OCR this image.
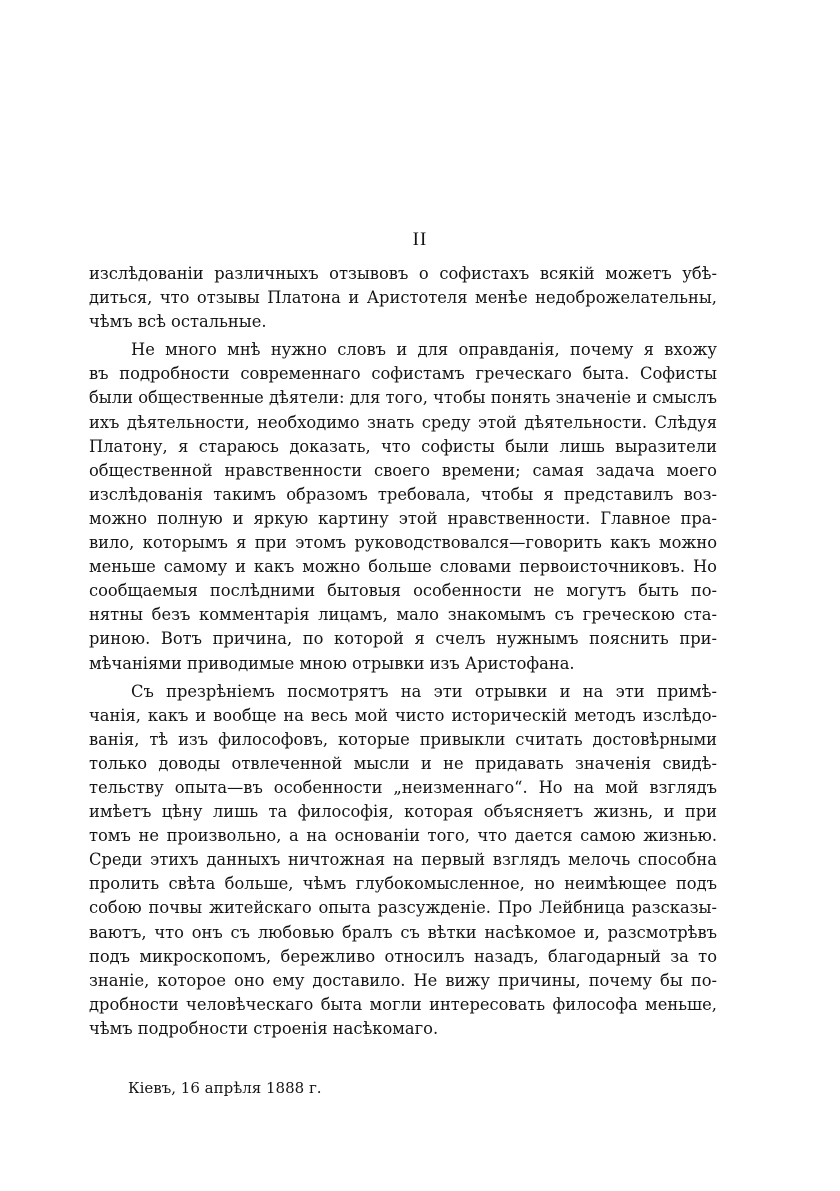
II
изслѣдованіи различныхъ отзывовъ о софистахъ всякій можетъ убѣ-
диться, что отзывы Платона и Аристотеля менѣе недоброжелательны,
чѣмъ всѣ остальные.
Не много мнѣ нужно словъ и для оправданія, почему я вхожу
въ подробности современнаго софистамъ греческаго быта. Софисты
были общественные дѣятели: для того, чтобы понять значеніе и смыслъ
ихъ дѣятельности, необходимо знать среду этой дѣятельности. Слѣдуя
Платону, я стараюсь доказать, что софисты были лишь выразители
общественной нравственности своего времени; самая задача моего
изслѣдованія такимъ образомъ требовала, чтобы я представилъ воз-
можно полную и яркую картину этой нравственности. Главное пра-
вило, которымъ я при этомъ руководствовался—говорить какъ можно
меньше самому и какъ можно больше словами первоисточниковъ. Но
сообщаемыя послѣдними бытовыя особенности не могутъ быть по-
нятны безъ комментарія лицамъ, мало знакомымъ съ греческою ста-
риною. Вотъ причина, по которой я счелъ нужнымъ пояснить при-
мѣчаніями приводимые мною отрывки изъ Аристофана.
Съ презрѣніемъ посмотрятъ на эти отрывки и на эти примѣ-
чанія, какъ и вообще на весь мой чисто историческій методъ изслѣдо-
ванія, тѣ изъ философовъ, которые привыкли считать достовѣрными
только доводы отвлеченной мысли и не придавать значенія свидѣ-
тельству опыта—въ особенности „неизменнаго“. Но на мой взглядъ
имѣетъ цѣну лишь та философія, которая объясняетъ жизнь, и при
томъ не произвольно, а на основаніи того, что дается самою жизнью.
Среди этихъ данныхъ ничтожная на первый взглядъ мелочь способна
пролить свѣта больше, чѣмъ глубокомысленное, но неимѣющее подъ
собою почвы житейскаго опыта разсужденіе. Про Лейбница разсказы-
ваютъ, что онъ съ любовью бралъ съ вѣтки насѣкомое и, разсмотрѣвъ
подъ микроскопомъ, бережливо относилъ назадъ, благодарный за то
знаніе, которое оно ему доставило. Не вижу причины, почему бы по-
дробности человѣческаго быта могли интересовать философа меньше,
чѣмъ подробности строенія насѣкомаго.
Кіевъ, 16 апрѣля 1888 г.
